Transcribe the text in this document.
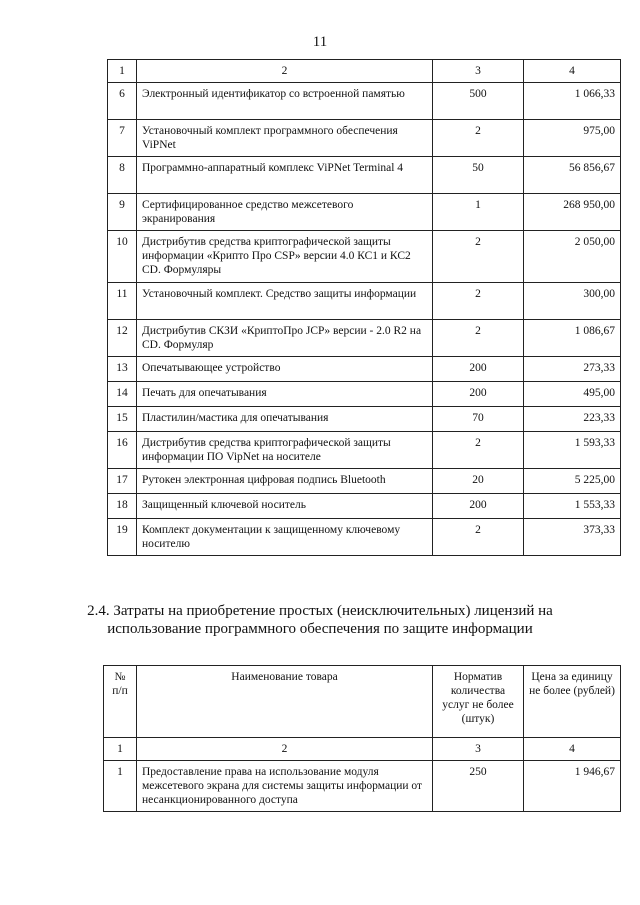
11
1	2	3	4
6	Электронный идентификатор со встроенной памятью	500	1 066,33
7	Установочный комплект программного обеспечения ViPNet	2	975,00
8	Программно-аппаратный комплекс ViPNet Terminal 4	50	56 856,67
9	Сертифицированное средство межсетевого экранирования	1	268 950,00
10	Дистрибутив средства криптографической защиты информации «Крипто Про CSP» версии 4.0 КС1 и КС2 CD. Формуляры	2	2 050,00
11	Установочный комплект. Средство защиты информации	2	300,00
12	Дистрибутив СКЗИ «КриптоПро JCP» версии - 2.0 R2 на CD. Формуляр	2	1 086,67
13	Опечатывающее устройство	200	273,33
14	Печать для опечатывания	200	495,00
15	Пластилин/мастика для опечатывания	70	223,33
16	Дистрибутив средства криптографической защиты информации ПО VipNet на носителе	2	1 593,33
17	Рутокен электронная цифровая подпись Bluetooth	20	5 225,00
18	Защищенный ключевой носитель	200	1 553,33
19	Комплект документации к защищенному ключевому носителю	2	373,33
2.4. Затраты на приобретение простых (неисключительных) лицензий на использование программного обеспечения по защите информации
№ п/п	Наименование товара	Норматив количества услуг не более (штук)	Цена за единицу не более (рублей)
1	2	3	4
1	Предоставление права на использование модуля межсетевого экрана для системы защиты информации от несанкционированного доступа	250	1 946,67
